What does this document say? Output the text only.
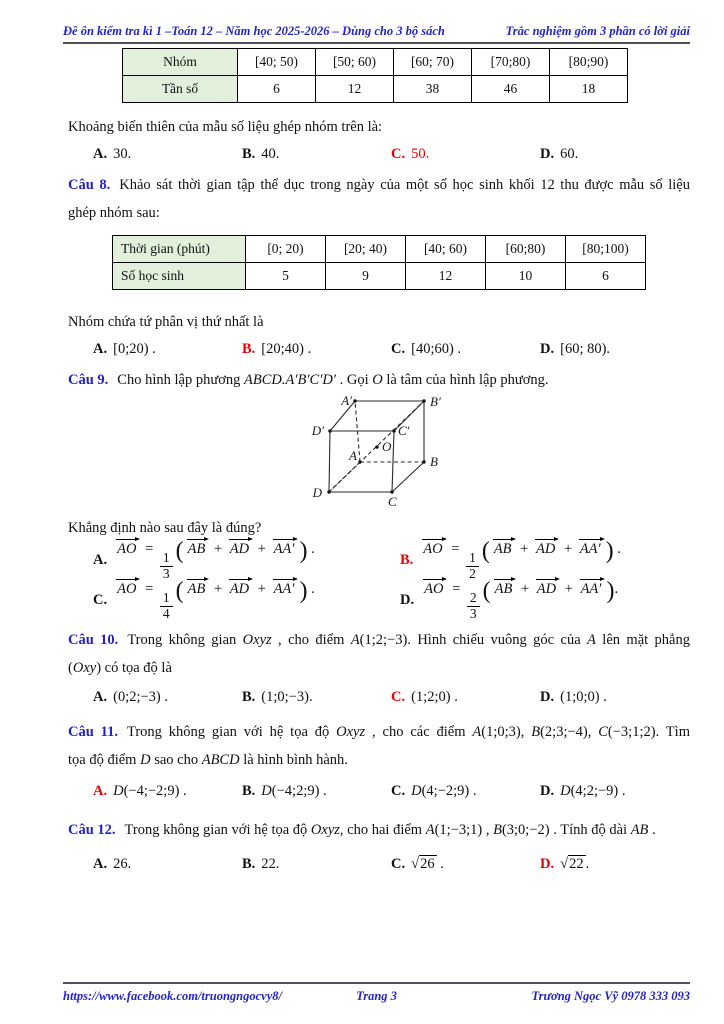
Đề ôn kiểm tra kì 1 –Toán 12 – Năm học 2025-2026 – Dùng cho 3 bộ sách	Trắc nghiệm gồm 3 phần có lời giải
Nhóm	[40; 50)	[50; 60)	[60; 70)	[70;80)	[80;90)
Tần số	6	12	38	46	18

Khoảng biến thiên của mẫu số liệu ghép nhóm trên là:

A. 30.	B. 40.	C. 50.	D. 60.

Câu 8. Khảo sát thời gian tập thể dục trong ngày của một số học sinh khối 12 thu được mẫu số liệu
ghép nhóm sau:

Thời gian (phút)	[0; 20)	[20; 40)	[40; 60)	[60;80)	[80;100)
Số học sinh	5	9	12	10	6

Nhóm chứa tứ phân vị thứ nhất là

A. [0;20) .	B. [20;40) .	C. [40;60) .	D. [60; 80).

Câu 9. Cho hình lập phương ABCD.A′B′C′D′ . Gọi O là tâm của hình lập phương.

A′	B′
D′	C′
A	B
D
C
O

Khẳng định nào sau đây là đúng?

A.
AO =
$\frac{1}{3}$ ( AB + AD + AA′ ) .
B.
AO =
$\frac{1}{2}$ ( AB + AD + AA′ ) .
C.
AO =
$\frac{1}{4}$ ( AB + AD + AA′ ) .
D.
AO =
$\frac{2}{3}$ ( AB + AD + AA′ ).

Câu 10. Trong không gian Oxyz , cho điểm A(1;2;−3). Hình chiếu vuông góc của A lên mặt phẳng
(Oxy) có tọa độ là

A. (0;2;−3) .	B. (1;0;−3).	C. (1;2;0) .	D. (1;0;0) .

Câu 11. Trong không gian với hệ tọa độ Oxyz , cho các điểm A(1;0;3), B(2;3;−4), C(−3;1;2). Tìm
tọa độ điểm D sao cho ABCD là hình bình hành.

A. D(−4;−2;9) .	B. D(−4;2;9) .	C. D(4;−2;9) .	D. D(4;2;−9) .

Câu 12. Trong không gian với hệ tọa độ Oxyz, cho hai điểm A(1;−3;1) , B(3;0;−2) . Tính độ dài AB .

A. 26.	B. 22.	C. √26 .	D. √22 .
https://www.facebook.com/truongngocvy8/	Trang 3	Trương Ngọc Vỹ 0978 333 093
